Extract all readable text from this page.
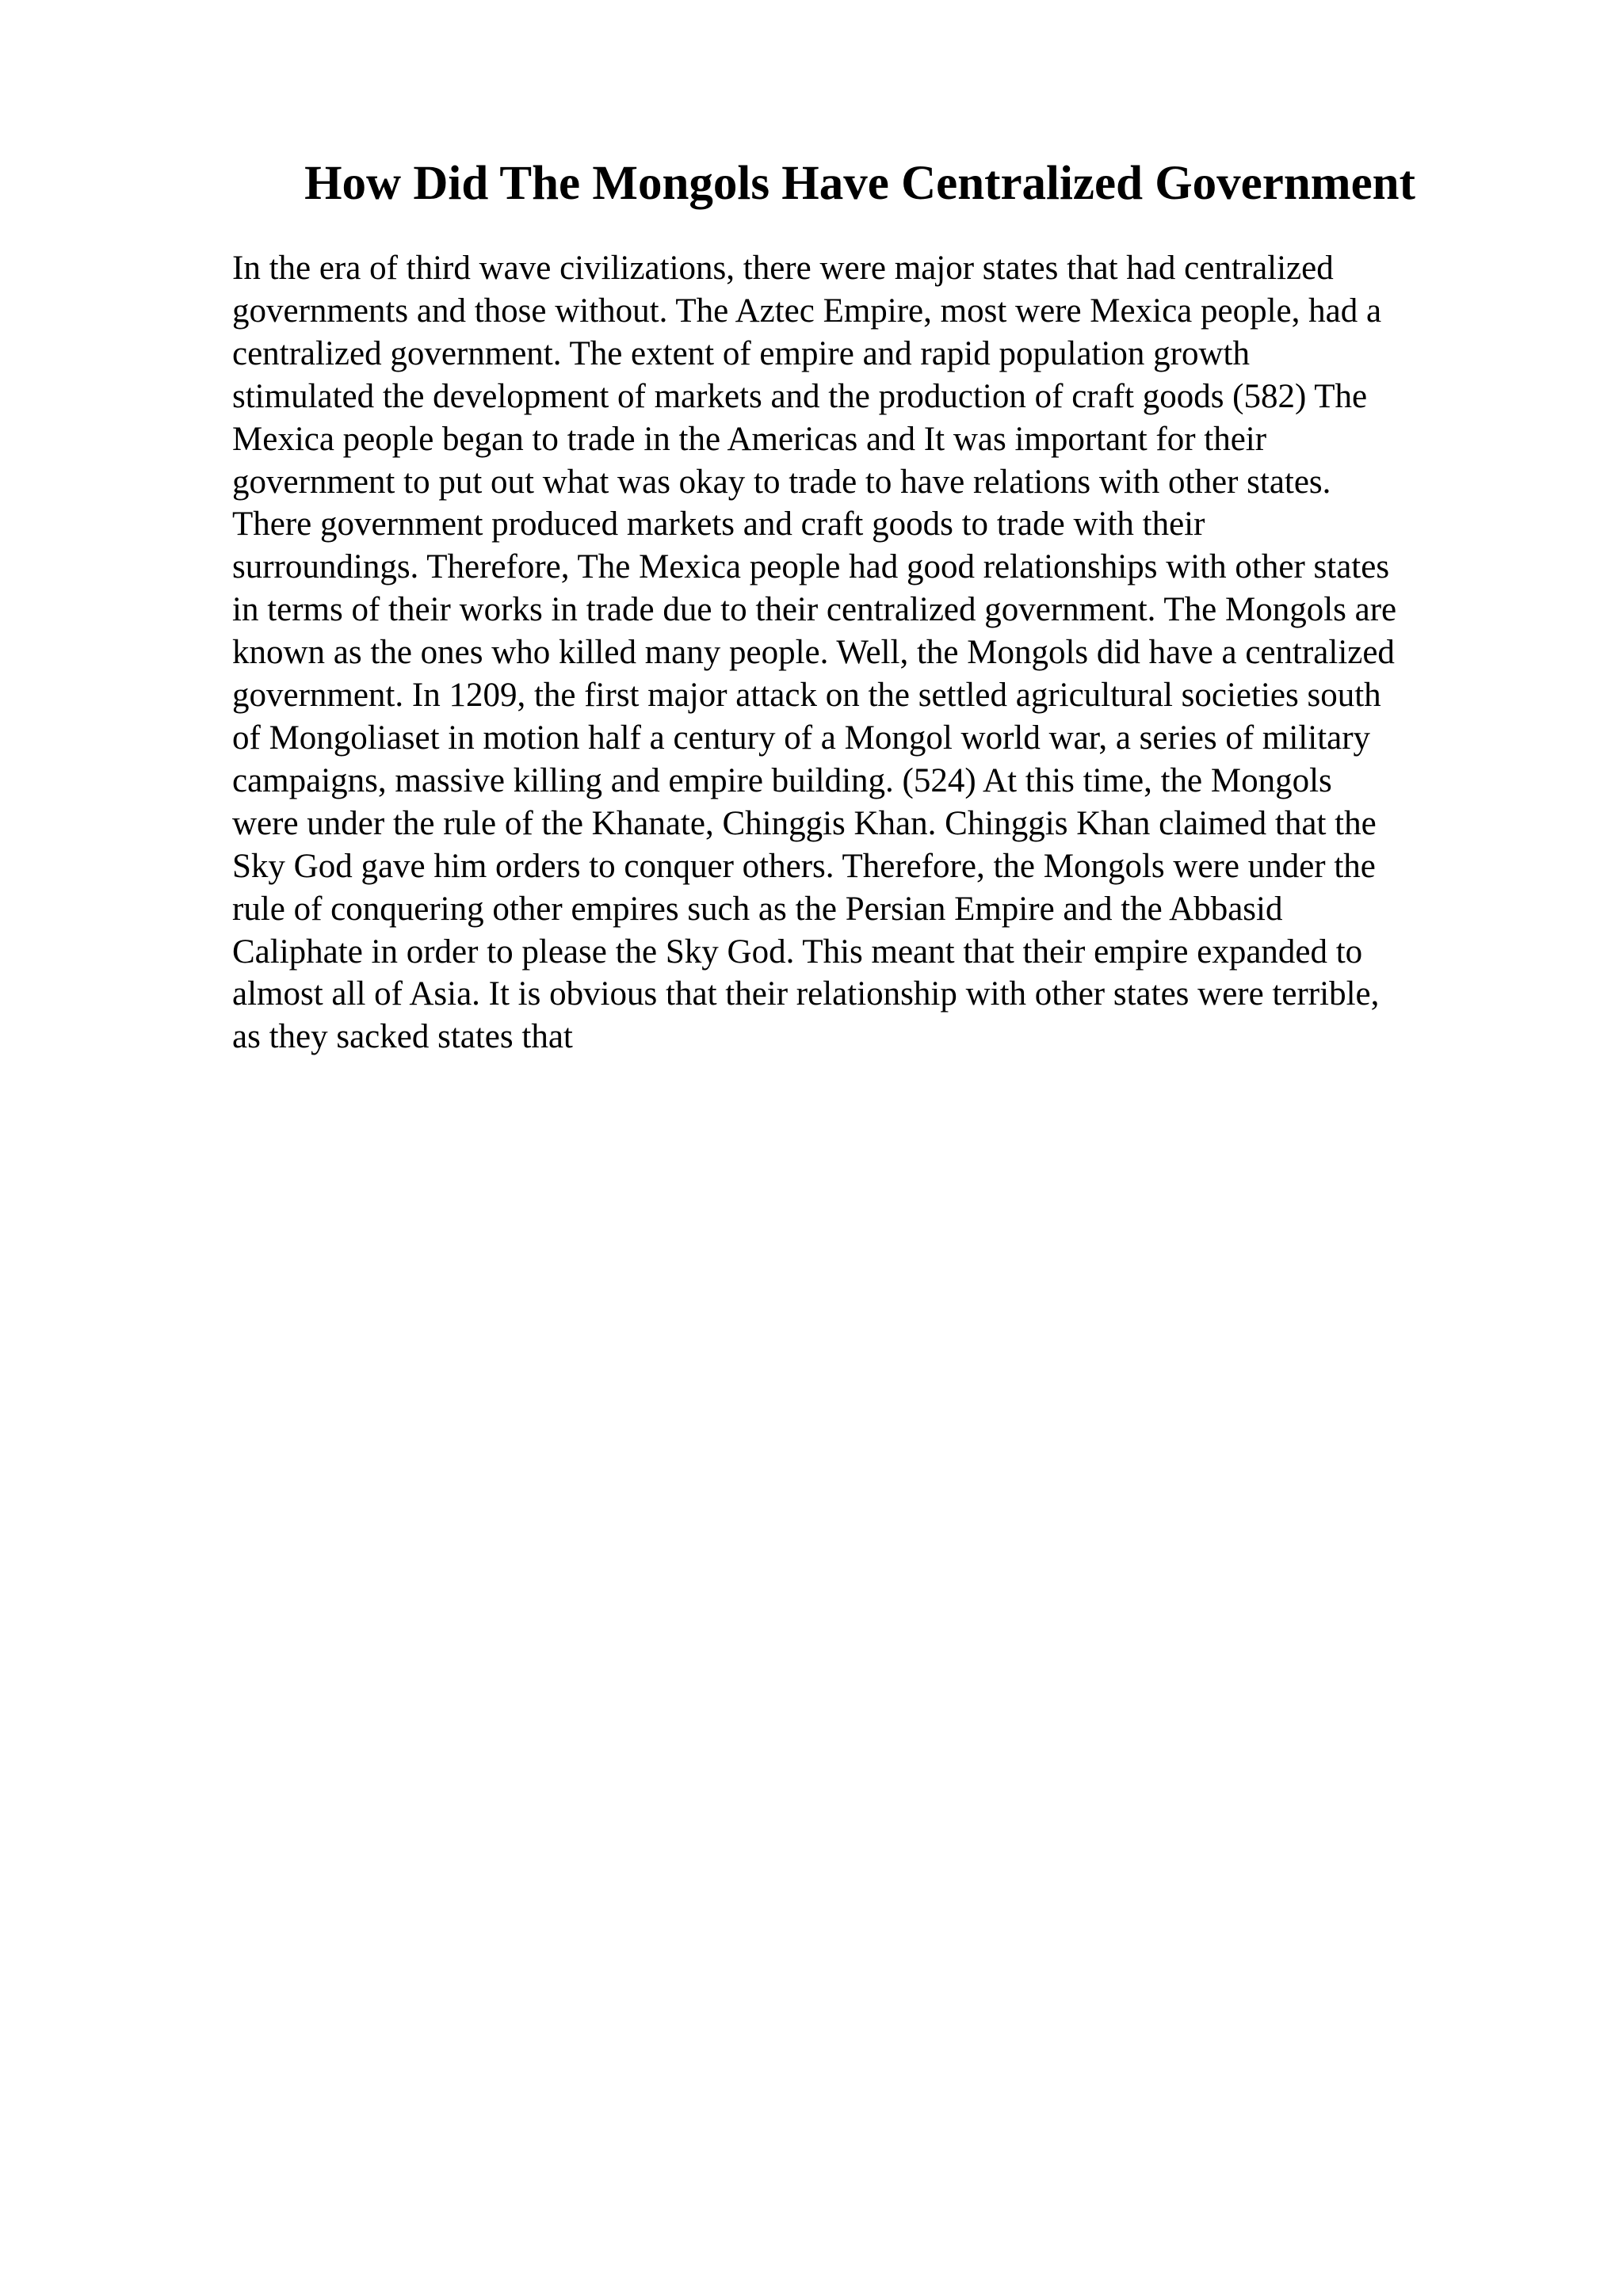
How Did The Mongols Have Centralized Government
In the era of third wave civilizations, there were major states that had centralized
governments and those without. The Aztec Empire, most were Mexica people, had a
centralized government. The extent of empire and rapid population growth
stimulated the development of markets and the production of craft goods (582) The
Mexica people began to trade in the Americas and It was important for their
government to put out what was okay to trade to have relations with other states.
There government produced markets and craft goods to trade with their
surroundings. Therefore, The Mexica people had good relationships with other states
in terms of their works in trade due to their centralized government. The Mongols are
known as the ones who killed many people. Well, the Mongols did have a centralized
government. In 1209, the first major attack on the settled agricultural societies south
of Mongoliaset in motion half a century of a Mongol world war, a series of military
campaigns, massive killing and empire building. (524) At this time, the Mongols
were under the rule of the Khanate, Chinggis Khan. Chinggis Khan claimed that the
Sky God gave him orders to conquer others. Therefore, the Mongols were under the
rule of conquering other empires such as the Persian Empire and the Abbasid
Caliphate in order to please the Sky God. This meant that their empire expanded to
almost all of Asia. It is obvious that their relationship with other states were terrible,
as they sacked states that
